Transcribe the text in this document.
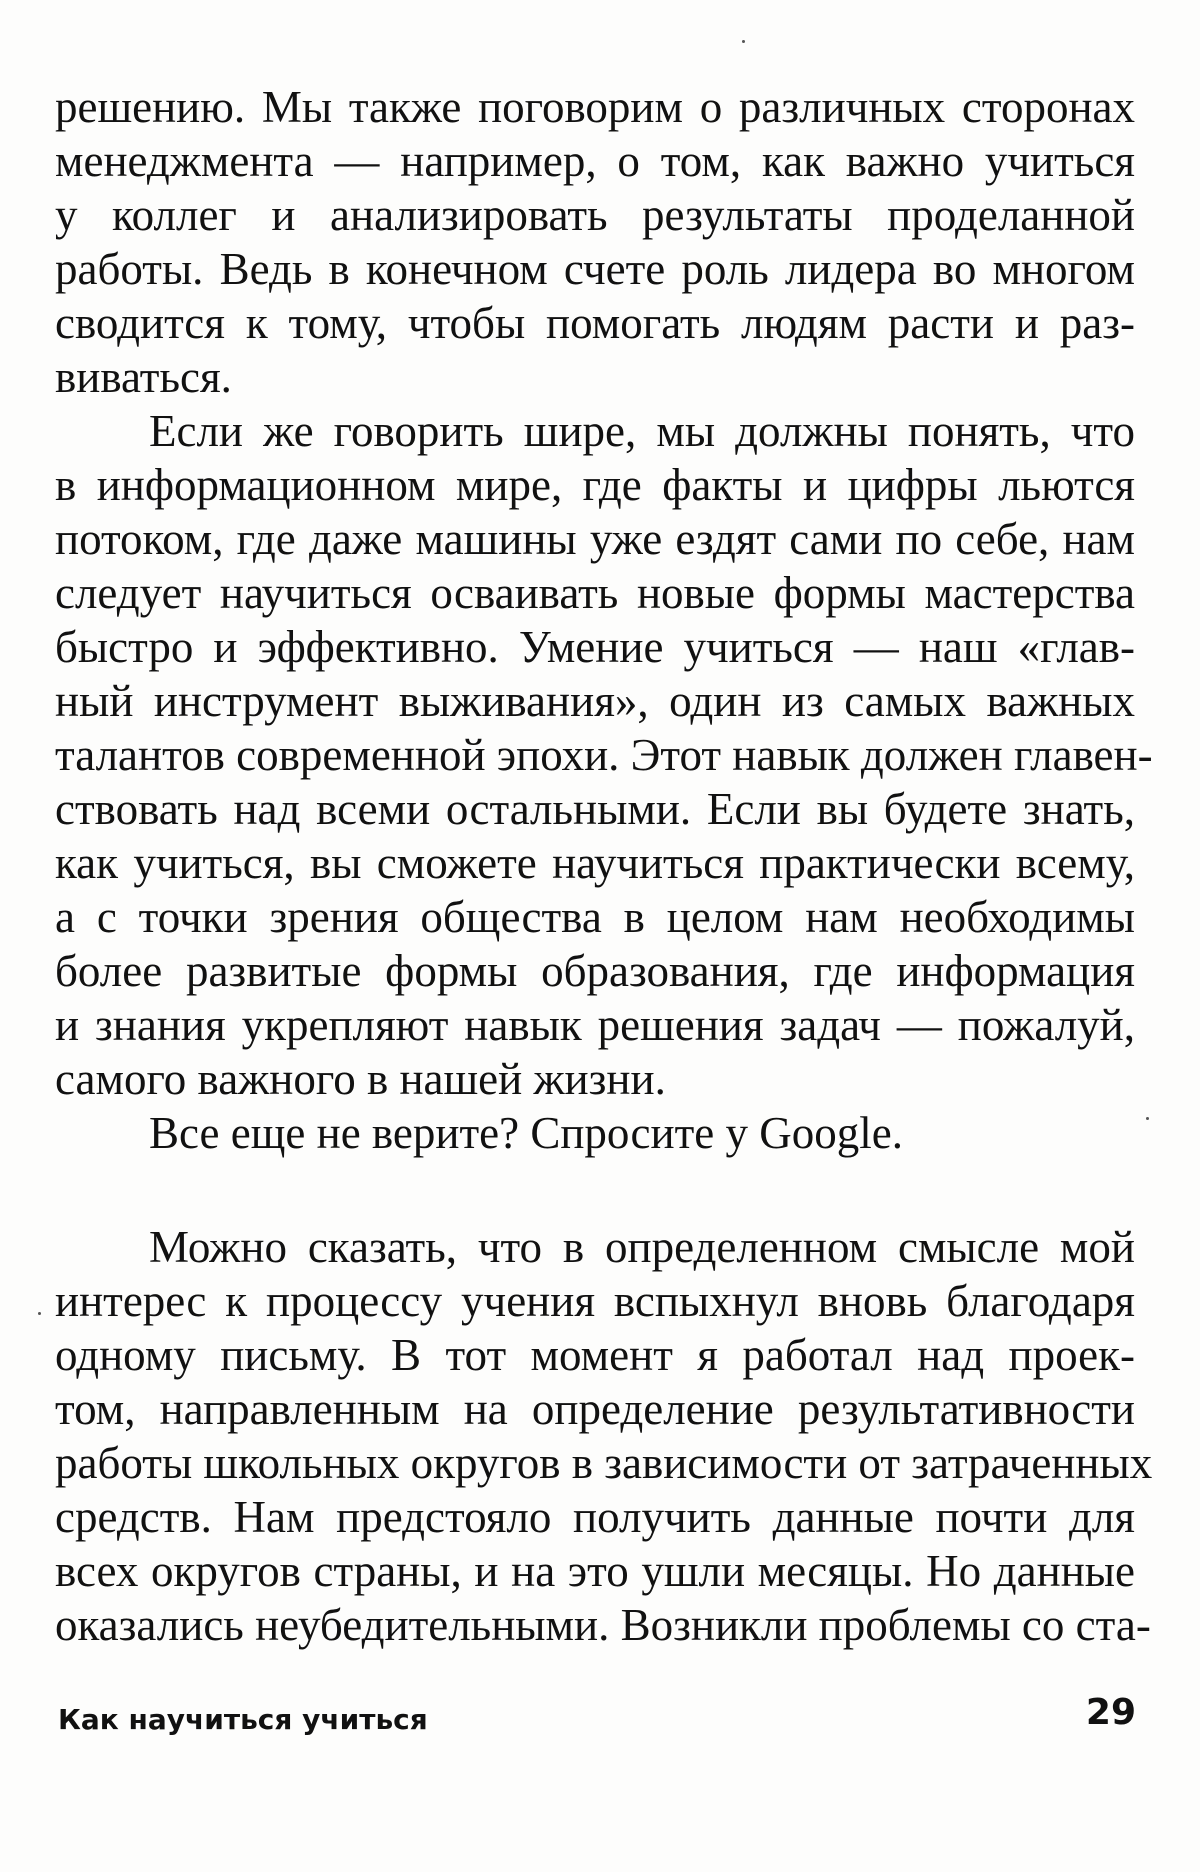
решению. Мы также поговорим о различных сторонах
менеджмента — например, о том, как важно учиться
у коллег и анализировать результаты проделанной
работы. Ведь в конечном счете роль лидера во многом
сводится к тому, чтобы помогать людям расти и раз-
виваться.
Если же говорить шире, мы должны понять, что
в информационном мире, где факты и цифры льются
потоком, где даже машины уже ездят сами по себе, нам
следует научиться осваивать новые формы мастерства
быстро и эффективно. Умение учиться — наш «глав-
ный инструмент выживания», один из самых важных
талантов современной эпохи. Этот навык должен главен-
ствовать над всеми остальными. Если вы будете знать,
как учиться, вы сможете научиться практически всему,
а с точки зрения общества в целом нам необходимы
более развитые формы образования, где информация
и знания укрепляют навык решения задач — пожалуй,
самого важного в нашей жизни.
Все еще не верите? Спросите у Google.
Можно сказать, что в определенном смысле мой
интерес к процессу учения вспыхнул вновь благодаря
одному письму. В тот момент я работал над проек-
том, направленным на определение результативности
работы школьных округов в зависимости от затраченных
средств. Нам предстояло получить данные почти для
всех округов страны, и на это ушли месяцы. Но данные
оказались неубедительными. Возникли проблемы со ста-
Как научиться учиться	29
